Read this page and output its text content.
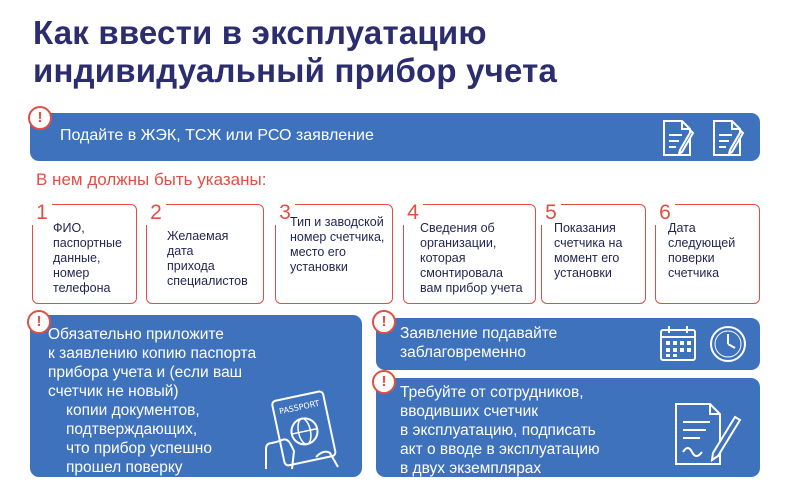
Как ввести в эксплуатацию
индивидуальный прибор учета
Подайте в ЖЭК, ТСЖ или РСО заявление
!
В нем должны быть указаны:
1
ФИО,
паспортные
данные,
номер
телефона
2
Желаемая
дата
прихода
специалистов
3 Тип и заводской
номер счетчика,
место его
установки
4
Сведения об
организации,
которая
смонтировала
вам прибор учета
5
Показания
счетчика на
момент его
установки
6
Дата
следующей
поверки
счетчика
Обязательно приложите
к заявлению копию паспорта
прибора учета и (если ваш
счетчик не новый)
копии документов,
подтверждающих,
что прибор успешно
прошел поверку
PASSPORT
!
Заявление подавайте
заблаговременно
!
Требуйте от сотрудников,
вводивших счетчик
в эксплуатацию, подписать
акт о вводе в эксплуатацию
в двух экземплярах
!
